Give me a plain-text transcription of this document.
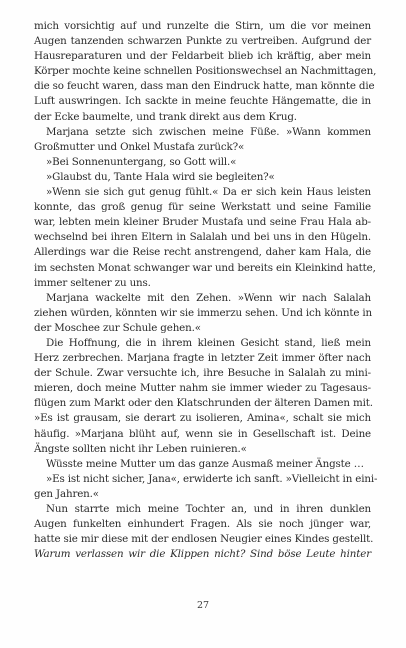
mich vorsichtig auf und runzelte die Stirn, um die vor meinen
Augen tanzenden schwarzen Punkte zu vertreiben. Aufgrund der
Hausreparaturen und der Feldarbeit blieb ich kräftig, aber mein
Körper mochte keine schnellen Positionswechsel an Nachmittagen,
die so feucht waren, dass man den Eindruck hatte, man könnte die
Luft auswringen. Ich sackte in meine feuchte Hängematte, die in
der Ecke baumelte, und trank direkt aus dem Krug.
Marjana setzte sich zwischen meine Füße. »Wann kommen
Großmutter und Onkel Mustafa zurück?«
»Bei Sonnenuntergang, so Gott will.«
»Glaubst du, Tante Hala wird sie begleiten?«
»Wenn sie sich gut genug fühlt.« Da er sich kein Haus leisten
konnte, das groß genug für seine Werkstatt und seine Familie
war, lebten mein kleiner Bruder Mustafa und seine Frau Hala ab-
wechselnd bei ihren Eltern in Salalah und bei uns in den Hügeln.
Allerdings war die Reise recht anstrengend, daher kam Hala, die
im sechsten Monat schwanger war und bereits ein Kleinkind hatte,
immer seltener zu uns.
Marjana wackelte mit den Zehen. »Wenn wir nach Salalah
ziehen würden, könnten wir sie immerzu sehen. Und ich könnte in
der Moschee zur Schule gehen.«
Die Hoffnung, die in ihrem kleinen Gesicht stand, ließ mein
Herz zerbrechen. Marjana fragte in letzter Zeit immer öfter nach
der Schule. Zwar versuchte ich, ihre Besuche in Salalah zu mini-
mieren, doch meine Mutter nahm sie immer wieder zu Tagesaus-
flügen zum Markt oder den Klatschrunden der älteren Damen mit.
»Es ist grausam, sie derart zu isolieren, Amina«, schalt sie mich
häufig. »Marjana blüht auf, wenn sie in Gesellschaft ist. Deine
Ängste sollten nicht ihr Leben ruinieren.«
Wüsste meine Mutter um das ganze Ausmaß meiner Ängste …
»Es ist nicht sicher, Jana«, erwiderte ich sanft. »Vielleicht in eini-
gen Jahren.«
Nun starrte mich meine Tochter an, und in ihren dunklen
Augen funkelten einhundert Fragen. Als sie noch jünger war,
hatte sie mir diese mit der endlosen Neugier eines Kindes gestellt.
Warum verlassen wir die Klippen nicht? Sind böse Leute hinter
27
